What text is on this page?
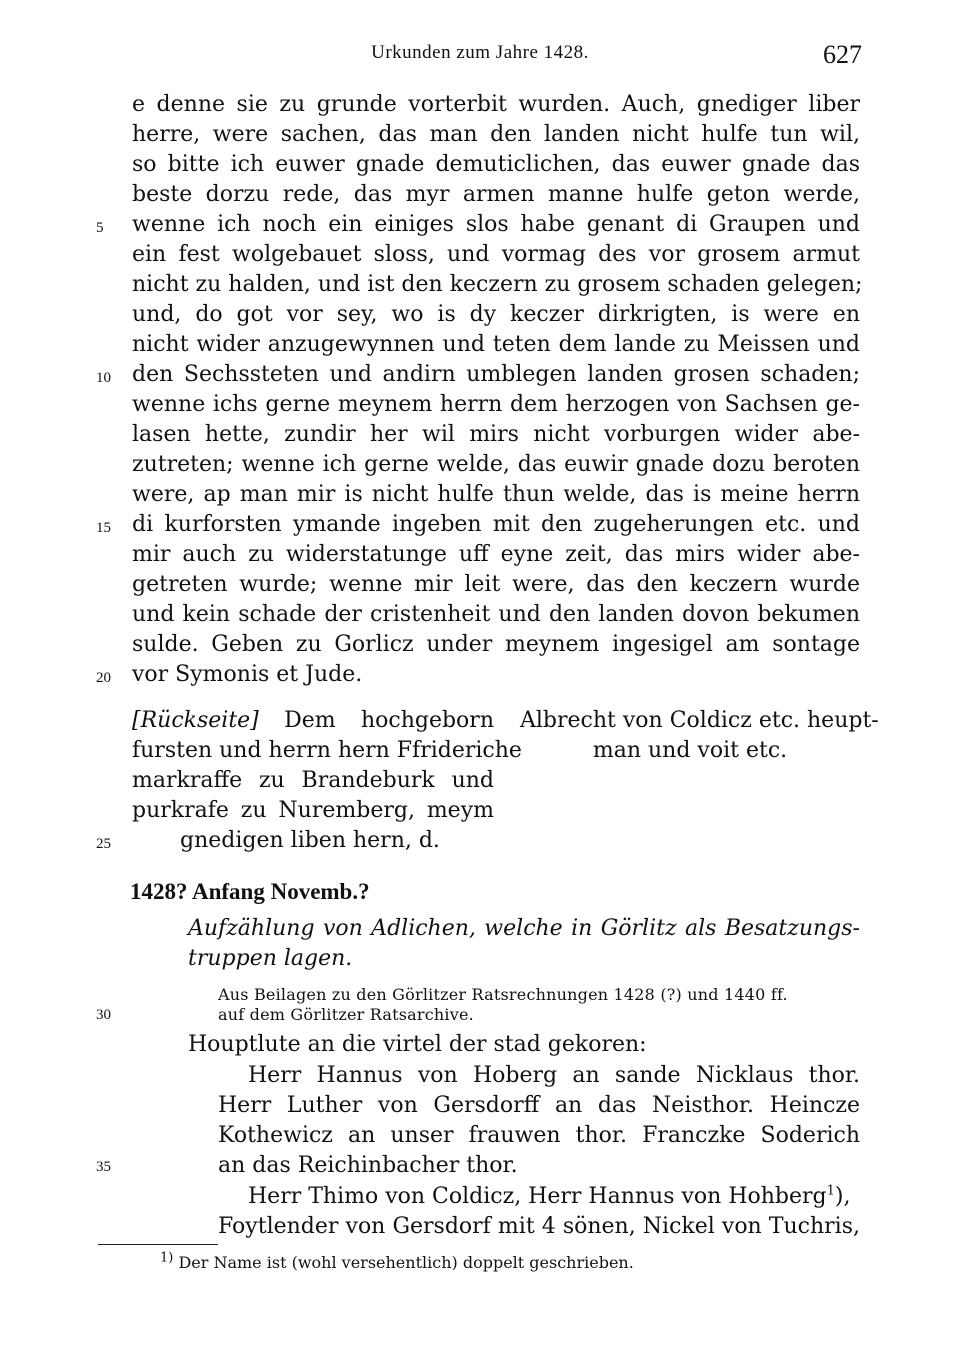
Urkunden zum Jahre 1428.	627
e denne sie zu grunde vorterbit wurden. Auch, gnediger liber
herre, were sachen, das man den landen nicht hulfe tun wil,
so bitte ich euwer gnade demuticlichen, das euwer gnade das
beste dorzu rede, das myr armen manne hulfe geton werde,
wenne ich noch ein einiges slos habe genant di Graupen und
ein fest wolgebauet sloss, und vormag des vor grosem armut
nicht zu halden, und ist den keczern zu grosem schaden gelegen;
und, do got vor sey, wo is dy keczer dirkrigten, is were en
nicht wider anzugewynnen und teten dem lande zu Meissen und
den Sechssteten und andirn umblegen landen grosen schaden;
wenne ichs gerne meynem herrn dem herzogen von Sachsen ge-
lasen hette, zundir her wil mirs nicht vorburgen wider abe-
zutreten; wenne ich gerne welde, das euwir gnade dozu beroten
were, ap man mir is nicht hulfe thun welde, das is meine herrn
di kurforsten ymande ingeben mit den zugeherungen etc. und
mir auch zu widerstatunge uff eyne zeit, das mirs wider abe-
getreten wurde; wenne mir leit were, das den keczern wurde
und kein schade der cristenheit und den landen dovon bekumen
sulde. Geben zu Gorlicz under meynem ingesigel am sontage
vor Symonis et Jude.
5
10
15
20
[Rückseite] Dem hochgeborn
fursten und herrn hern Ffrideriche
markraffe zu Brandeburk und
purkrafe zu Nuremberg, meym
gnedigen liben hern, d.
25
Albrecht von Coldicz etc. heupt-
man und voit etc.
1428? Anfang Novemb.?
Aufzählung von Adlichen, welche in Görlitz als Besatzungs-
truppen lagen.
Aus Beilagen zu den Görlitzer Ratsrechnungen 1428 (?) und 1440 ff.
auf dem Görlitzer Ratsarchive.
Houptlute an die virtel der stad gekoren:
Herr Hannus von Hoberg an sande Nicklaus thor.
Herr Luther von Gersdorff an das Neisthor. Heincze
Kothewicz an unser frauwen thor. Franczke Soderich
an das Reichinbacher thor.
Herr Thimo von Coldicz, Herr Hannus von Hohberg$^1$),
Foytlender von Gersdorf mit 4 sönen, Nickel von Tuchris,
30
35
$^{1)}$ Der Name ist (wohl versehentlich) doppelt geschrieben.
